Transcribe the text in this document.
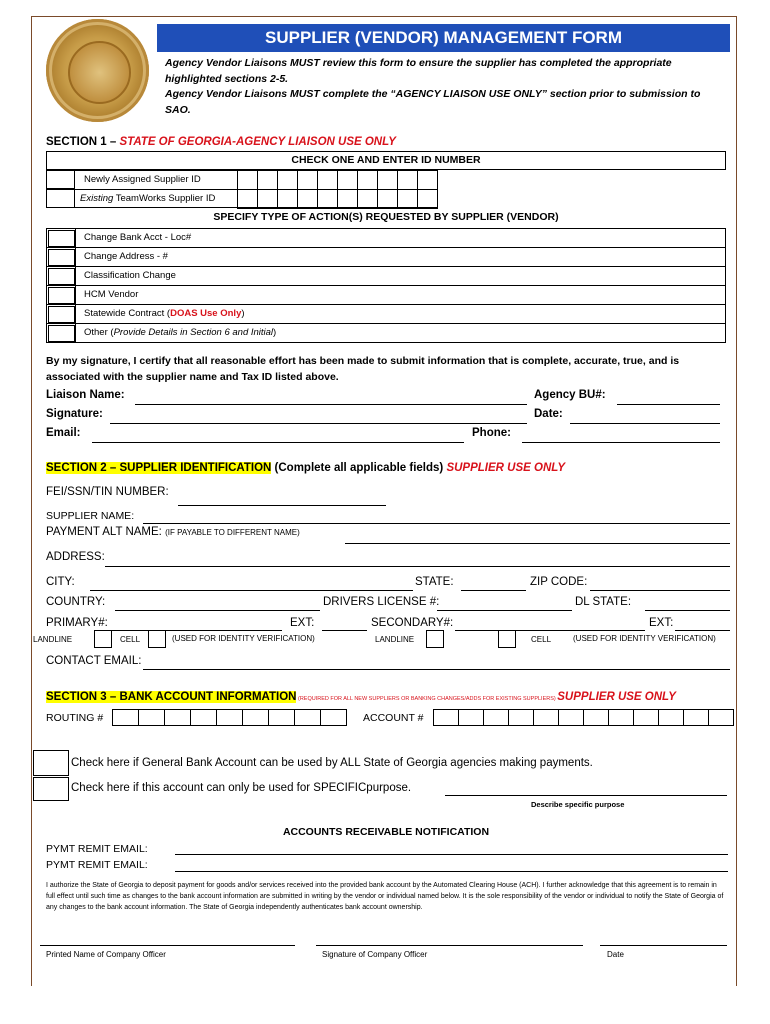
SUPPLIER (VENDOR) MANAGEMENT FORM
Agency Vendor Liaisons MUST review this form to ensure the supplier has completed the appropriate highlighted sections 2-5.
Agency Vendor Liaisons MUST complete the “AGENCY LIAISON USE ONLY” section prior to submission to SAO.
SECTION 1 – STATE OF GEORGIA-AGENCY LIAISON USE ONLY
CHECK ONE AND ENTER ID NUMBER
Newly Assigned Supplier ID
Existing TeamWorks Supplier ID
SPECIFY TYPE OF ACTION(S) REQUESTED BY SUPPLIER (VENDOR)
Change Bank Acct - Loc#
Change Address - #
Classification Change
HCM Vendor
Statewide Contract (DOAS Use Only)
Other (Provide Details in Section 6 and Initial)
By my signature, I certify that all reasonable effort has been made to submit information that is complete, accurate, true, and is associated with the supplier name and Tax ID listed above.
Liaison Name:	Agency BU#:
Signature:	Date:
Email:	Phone:
SECTION 2 – SUPPLIER IDENTIFICATION (Complete all applicable fields) SUPPLIER USE ONLY
FEI/SSN/TIN NUMBER:
SUPPLIER NAME:
PAYMENT ALT NAME: (IF PAYABLE TO DIFFERENT NAME)
ADDRESS:
CITY:	STATE:	ZIP CODE:
COUNTRY:	DRIVERS LICENSE #:	DL STATE:
PRIMARY#:	EXT:	SECONDARY#:	EXT:
LANDLINE	CELL	(USED FOR IDENTITY VERIFICATION)	LANDLINE	CELL	(USED FOR IDENTITY VERIFICATION)
CONTACT EMAIL:
SECTION 3 – BANK ACCOUNT INFORMATION (REQUIRED FOR ALL NEW SUPPLIERS OR BANKING CHANGES/ADDS FOR EXISTING SUPPLIERS) SUPPLIER USE ONLY
ROUTING #	ACCOUNT #
Check here if General Bank Account can be used by ALL State of Georgia agencies making payments.
Check here if this account can only be used for SPECIFICpurpose.
Describe specific purpose
ACCOUNTS RECEIVABLE NOTIFICATION
PYMT REMIT EMAIL:
PYMT REMIT EMAIL:
I authorize the State of Georgia to deposit payment for goods and/or services received into the provided bank account by the Automated Clearing House (ACH). I further acknowledge that this agreement is to remain in full effect until such time as changes to the bank account information are submitted in writing by the vendor or individual named below. It is the sole responsibility of the vendor or individual to notify the State of Georgia of any changes to the bank account information. The State of Georgia independently authenticates bank account ownership.
Printed Name of Company Officer	Signature of Company Officer	Date
